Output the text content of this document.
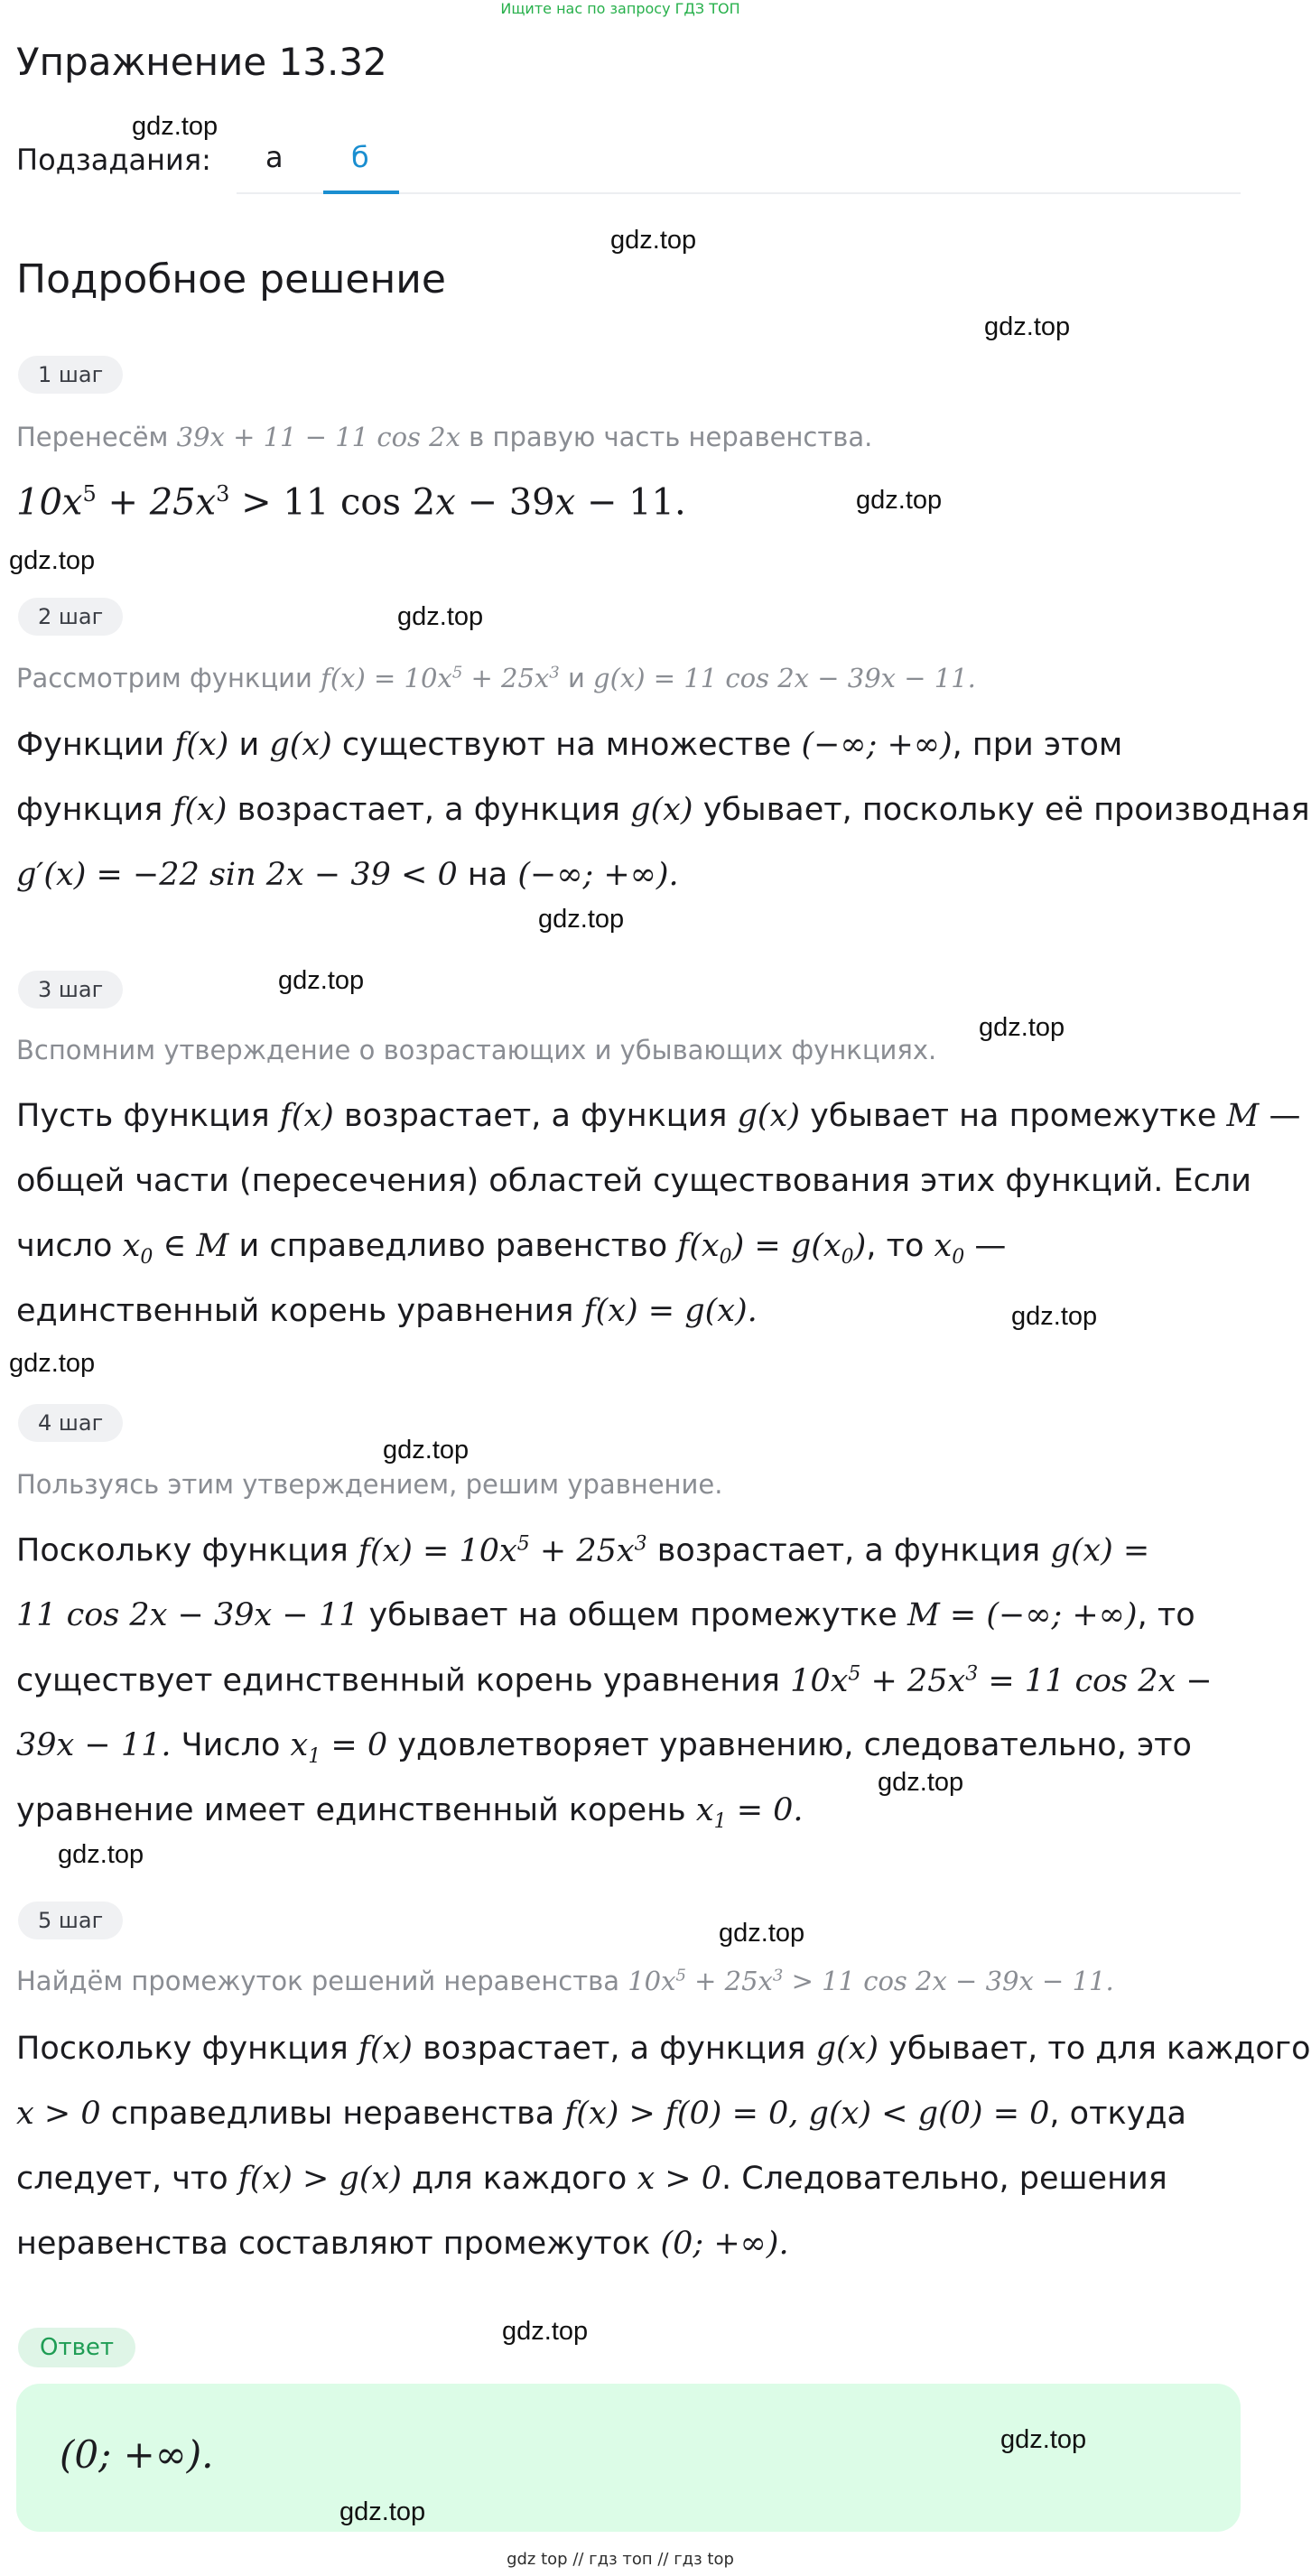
Ищите нас по запросу ГДЗ ТОП
Упражнение 13.32
gdz.top
Подзадания: а б
gdz.top
Подробное решение
gdz.top
1 шаг
Перенесём 39x + 11 − 11 cos 2x в правую часть неравенства.
$10x^5 + 25x^3 > 11$ cos 2x − 39x − 11.	gdz.top
gdz.top
2 шаг	gdz.top
Рассмотрим функции $f(x) = 10x^5 + 25x^3$ и g(x) = 11 cos 2x − 39x − 11.
Функции f(x) и g(x) существуют на множестве (−∞; +∞), при этом
функция f(x) возрастает, а функция g(x) убывает, поскольку её производная
g′(x) = −22 sin 2x − 39 < 0 на (−∞; +∞).
gdz.top
3 шаг	gdz.top
gdz.top
Вспомним утверждение о возрастающих и убывающих функциях.
Пусть функция f(x) возрастает, а функция g(x) убывает на промежутке M —
общей части (пересечения) областей существования этих функций. Если
число $x_0$ ∈ M и справедливо равенство $f(x_0) = g(x_0)$, то $x_0$ —
единственный корень уравнения f(x) = g(x).	gdz.top
gdz.top
4 шаг
gdz.top
Пользуясь этим утверждением, решим уравнение.
Поскольку функция $f(x) = 10x^5 + 25x^3$ возрастает, а функция g(x) =
11 cos 2x − 39x − 11 убывает на общем промежутке M = (−∞; +∞), то
существует единственный корень уравнения $10x^5 + 25x^3 = 11$ cos 2x −
39x − 11. Число $x_1 = 0$ удовлетворяет уравнению, следовательно, это
gdz.top
уравнение имеет единственный корень $x_1 = 0$.
gdz.top
5 шаг	gdz.top
Найдём промежуток решений неравенства $10x^5 + 25x^3 > 11$ cos 2x − 39x − 11.
Поскольку функция f(x) возрастает, а функция g(x) убывает, то для каждого
x > 0 справедливы неравенства f(x) > f(0) = 0, g(x) < g(0) = 0, откуда
следует, что f(x) > g(x) для каждого x > 0. Следовательно, решения
неравенства составляют промежуток (0; +∞).
gdz.top
Ответ
(0; +∞).	gdz.top
gdz.top
gdz top // гдз топ // гдз top
